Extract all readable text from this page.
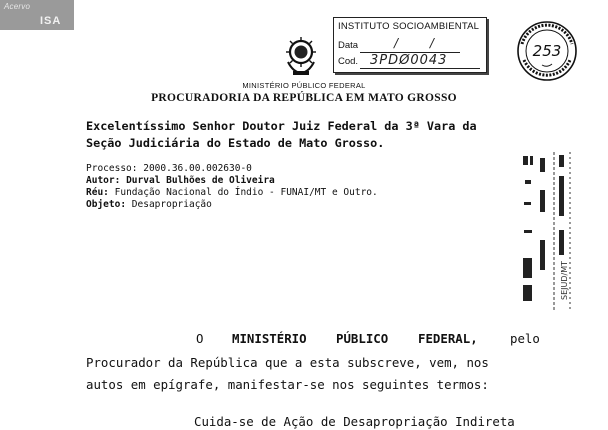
Acervo
ISA	INSTITUTO SOCIOAMBIENTAL
Data	/ /
Cod. 3PDØ0043
253
MINISTÉRIO PÚBLICO FEDERAL
PROCURADORIA DA REPÚBLICA EM MATO GROSSO
Excelentíssimo Senhor Doutor Juiz Federal da 3ª Vara da
Seção Judiciária do Estado de Mato Grosso.
Processo: 2000.36.00.002630-0
Autor: Durval Bulhões de Oliveira
Réu: Fundação Nacional do Índio - FUNAI/MT e Outro.
Objeto: Desapropriação
SEJUD/MT
O MINISTÉRIO PÚBLICO FEDERAL,	pelo
Procurador da República que a esta subscreve, vem, nos
autos em epígrafe, manifestar-se nos seguintes termos:
Cuida-se de Ação de Desapropriação Indireta
